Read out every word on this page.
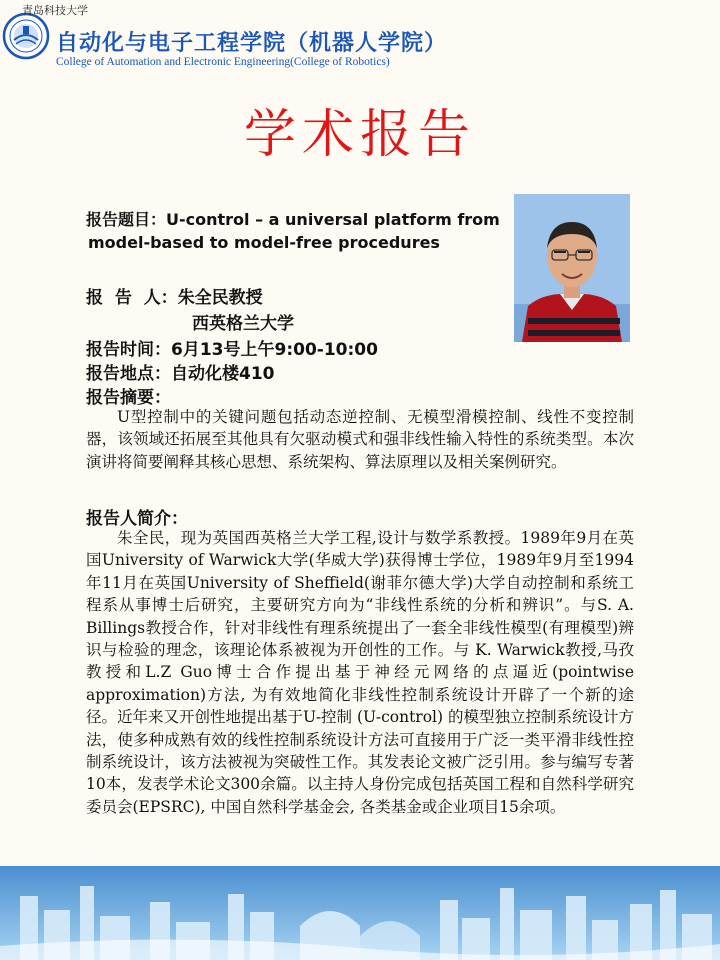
青岛科技大学
自动化与电子工程学院（机器人学院）
College of Automation and Electronic Engineering(College of Robotics)
学术报告
报告题目：U-control – a universal platform from
model-based to model-free procedures
报  告  人：朱全民教授
西英格兰大学
报告时间：6月13号上午9:00-10:00
报告地点：自动化楼410
报告摘要：
U型控制中的关键问题包括动态逆控制、无模型滑模控制、线性不变控制器，该领域还拓展至其他具有欠驱动模式和强非线性输入特性的系统类型。本次演讲将简要阐释其核心思想、系统架构、算法原理以及相关案例研究。
报告人简介：
朱全民，现为英国西英格兰大学工程,设计与数学系教授。1989年9月在英国University of Warwick大学(华威大学)获得博士学位，1989年9月至1994年11月在英国University of Sheffield(谢菲尔德大学)大学自动控制和系统工程系从事博士后研究，主要研究方向为“非线性系统的分析和辨识”。与S. A. Billings教授合作，针对非线性有理系统提出了一套全非线性模型(有理模型)辨识与检验的理念，该理论体系被视为开创性的工作。与 K. Warwick教授,马孜教授和L.Z Guo博士合作提出基于神经元网络的点逼近(pointwise approximation)方法, 为有效地简化非线性控制系统设计开辟了一个新的途径。近年来又开创性地提出基于U-控制 (U-control) 的模型独立控制系统设计方法，使多种成熟有效的线性控制系统设计方法可直接用于广泛一类平滑非线性控制系统设计，该方法被视为突破性工作。其发表论文被广泛引用。参与编写专著10本，发表学术论文300余篇。以主持人身份完成包括英国工程和自然科学研究委员会(EPSRC), 中国自然科学基金会, 各类基金或企业项目15余项。
